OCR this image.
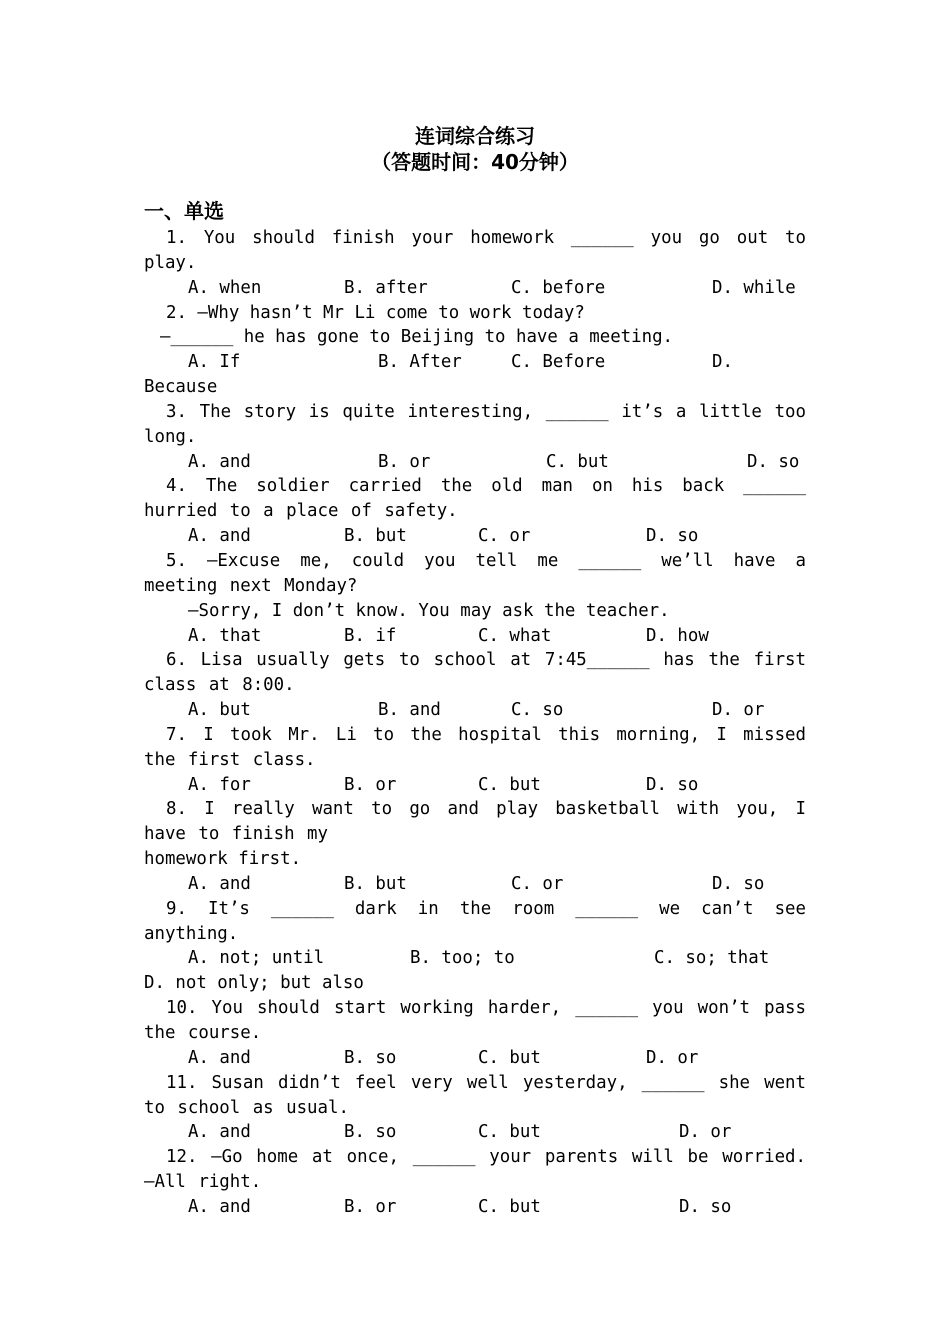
连词综合练习
（答题时间：40分钟）
一、单选
1. You should finish your homework ______ you go out to play.
A. when	B. after	C. before	D. while
2. —Why hasn’t Mr Li come to work today?
—______ he has gone to Beijing to have a meeting.
A. If	B. After	C. Before	D.
Because
3. The story is quite interesting, ______ it’s a little too long.
A. and	B. or	C. but	D. so
4. The soldier carried the old man on his back ______ hurried to a place of safety.
A. and	B. but	C. or	D. so
5. —Excuse me, could you tell me ______ we’ll have a meeting next Monday?
—Sorry, I don’t know. You may ask the teacher.
A. that	B. if	C. what	D. how
6. Lisa usually gets to school at 7:45______ has the first class at 8:00.
A. but	B. and	C. so	D. or
7. I took Mr. Li to the hospital this morning, I missed the first class.
A. for	B. or	C. but	D. so
8. I really want to go and play basketball with you, I have to finish my
homework first.
A. and	B. but	C. or	D. so
9. It’s ______ dark in the room ______ we can’t see anything.
A. not; until	B. too; to	C. so; that
D. not only; but also
10. You should start working harder, ______ you won’t pass the course.
A. and	B. so	C. but	D. or
11. Susan didn’t feel very well yesterday, ______ she went to school as usual.
A. and	B. so	C. but	D. or
12. —Go home at once, ______ your parents will be worried. —All right.
A. and	B. or	C. but	D. so
